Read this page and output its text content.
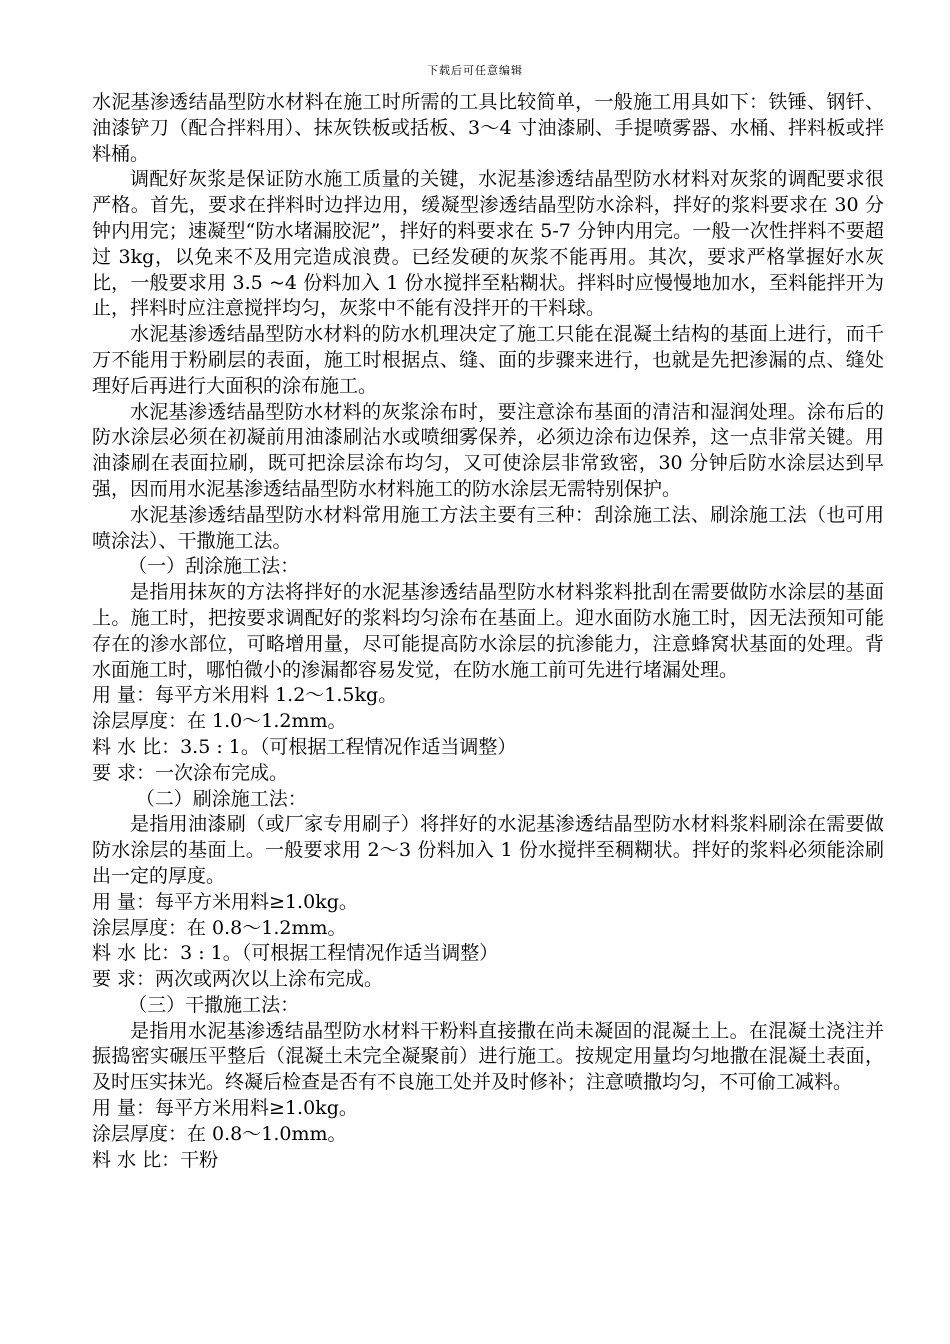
下载后可任意编辑

水泥基渗透结晶型防水材料在施工时所需的工具比较简单，一般施工用具如下：铁锤、钢钎、油漆铲刀（配合拌料用）、抹灰铁板或括板、3～4 寸油漆刷、手提喷雾器、水桶、拌料板或拌料桶。

调配好灰浆是保证防水施工质量的关键，水泥基渗透结晶型防水材料对灰浆的调配要求很严格。首先，要求在拌料时边拌边用，缓凝型渗透结晶型防水涂料，拌好的浆料要求在 30 分钟内用完；速凝型“防水堵漏胶泥”，拌好的料要求在 5-7 分钟内用完。一般一次性拌料不要超过 3kg，以免来不及用完造成浪费。已经发硬的灰浆不能再用。其次，要求严格掌握好水灰比，一般要求用 3.5 ~4 份料加入 1 份水搅拌至粘糊状。拌料时应慢慢地加水，至料能拌开为止，拌料时应注意搅拌均匀，灰浆中不能有没拌开的干料球。

水泥基渗透结晶型防水材料的防水机理决定了施工只能在混凝土结构的基面上进行，而千万不能用于粉刷层的表面，施工时根据点、缝、面的步骤来进行，也就是先把渗漏的点、缝处理好后再进行大面积的涂布施工。

水泥基渗透结晶型防水材料的灰浆涂布时，要注意涂布基面的清洁和湿润处理。涂布后的防水涂层必须在初凝前用油漆刷沾水或喷细雾保养，必须边涂布边保养，这一点非常关键。用油漆刷在表面拉刷，既可把涂层涂布均匀，又可使涂层非常致密，30 分钟后防水涂层达到早强，因而用水泥基渗透结晶型防水材料施工的防水涂层无需特别保护。

水泥基渗透结晶型防水材料常用施工方法主要有三种：刮涂施工法、刷涂施工法（也可用喷涂法）、干撒施工法。

（一）刮涂施工法：

是指用抹灰的方法将拌好的水泥基渗透结晶型防水材料浆料批刮在需要做防水涂层的基面上。施工时，把按要求调配好的浆料均匀涂布在基面上。迎水面防水施工时，因无法预知可能存在的渗水部位，可略增用量，尽可能提高防水涂层的抗渗能力，注意蜂窝状基面的处理。背水面施工时，哪怕微小的渗漏都容易发觉，在防水施工前可先进行堵漏处理。

用 量：每平方米用料 1.2～1.5kg。

涂层厚度：在 1.0～1.2mm。

料 水 比：3.5 : 1。（可根据工程情况作适当调整）

要 求：一次涂布完成。

（二）刷涂施工法：

是指用油漆刷（或厂家专用刷子）将拌好的水泥基渗透结晶型防水材料浆料刷涂在需要做防水涂层的基面上。一般要求用 2～3 份料加入 1 份水搅拌至稠糊状。拌好的浆料必须能涂刷出一定的厚度。

用 量：每平方米用料≥1.0kg。

涂层厚度：在 0.8～1.2mm。

料 水 比：3 : 1。（可根据工程情况作适当调整）

要 求：两次或两次以上涂布完成。

（三）干撒施工法：

是指用水泥基渗透结晶型防水材料干粉料直接撒在尚未凝固的混凝土上。在混凝土浇注并振捣密实碾压平整后（混凝土未完全凝聚前）进行施工。按规定用量均匀地撒在混凝土表面，及时压实抹光。终凝后检查是否有不良施工处并及时修补；注意喷撒均匀，不可偷工减料。

用 量：每平方米用料≥1.0kg。

涂层厚度：在 0.8～1.0mm。

料 水 比：干粉
